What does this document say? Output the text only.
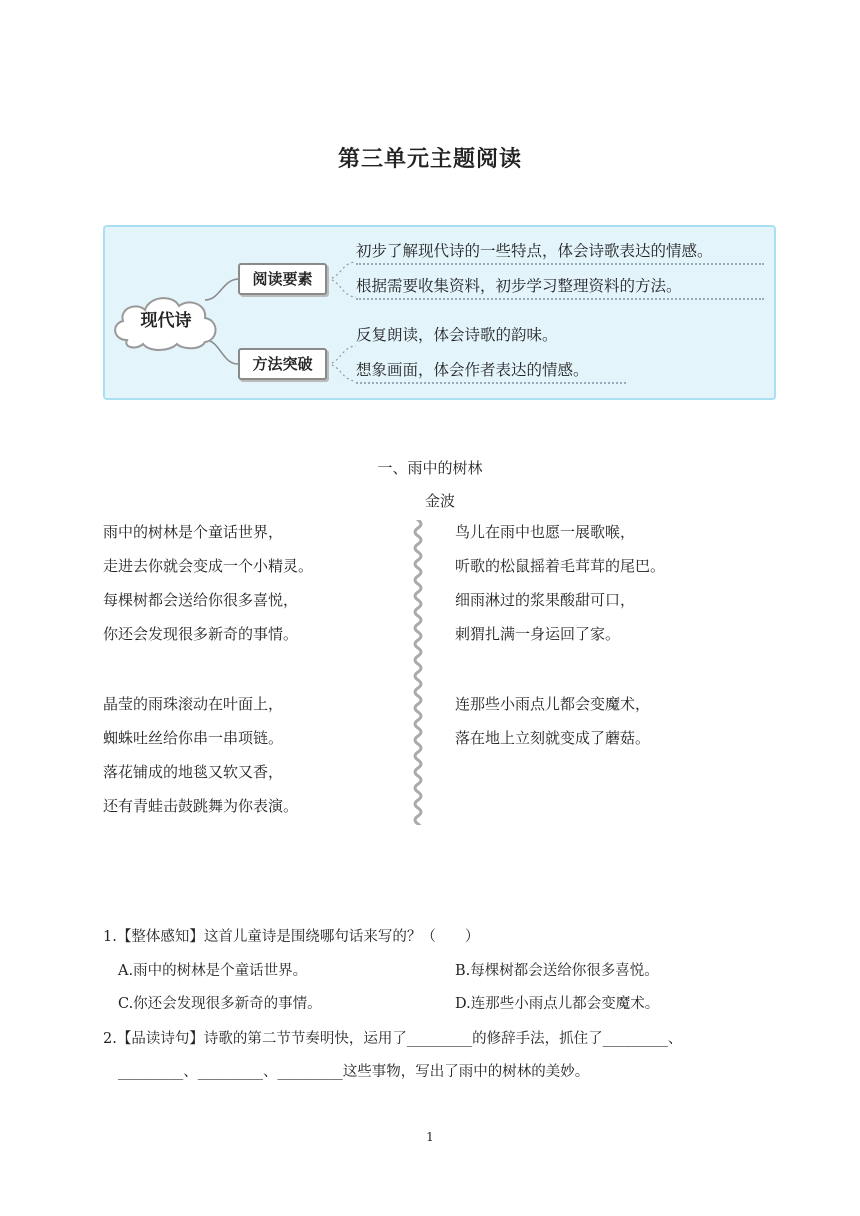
第三单元主题阅读
现代诗
阅读要素
方法突破
初步了解现代诗的一些特点，体会诗歌表达的情感。
根据需要收集资料，初步学习整理资料的方法。
反复朗读，体会诗歌的韵味。
想象画面，体会作者表达的情感。
一、雨中的树林
金波
雨中的树林是个童话世界，
走进去你就会变成一个小精灵。
每棵树都会送给你很多喜悦，
你还会发现很多新奇的事情。
晶莹的雨珠滚动在叶面上，
蜘蛛吐丝给你串一串项链。
落花铺成的地毯又软又香，
还有青蛙击鼓跳舞为你表演。
鸟儿在雨中也愿一展歌喉，
听歌的松鼠摇着毛茸茸的尾巴。
细雨淋过的浆果酸甜可口，
刺猬扎满一身运回了家。
连那些小雨点儿都会变魔术，
落在地上立刻就变成了蘑菇。
1.【整体感知】这首儿童诗是围绕哪句话来写的？（　　）
A.雨中的树林是个童话世界。	B.每棵树都会送给你很多喜悦。
C.你还会发现很多新奇的事情。	D.连那些小雨点儿都会变魔术。
2.【品读诗句】诗歌的第二节节奏明快，运用了_________的修辞手法，抓住了_________、
_________、_________、_________这些事物，写出了雨中的树林的美妙。
1
